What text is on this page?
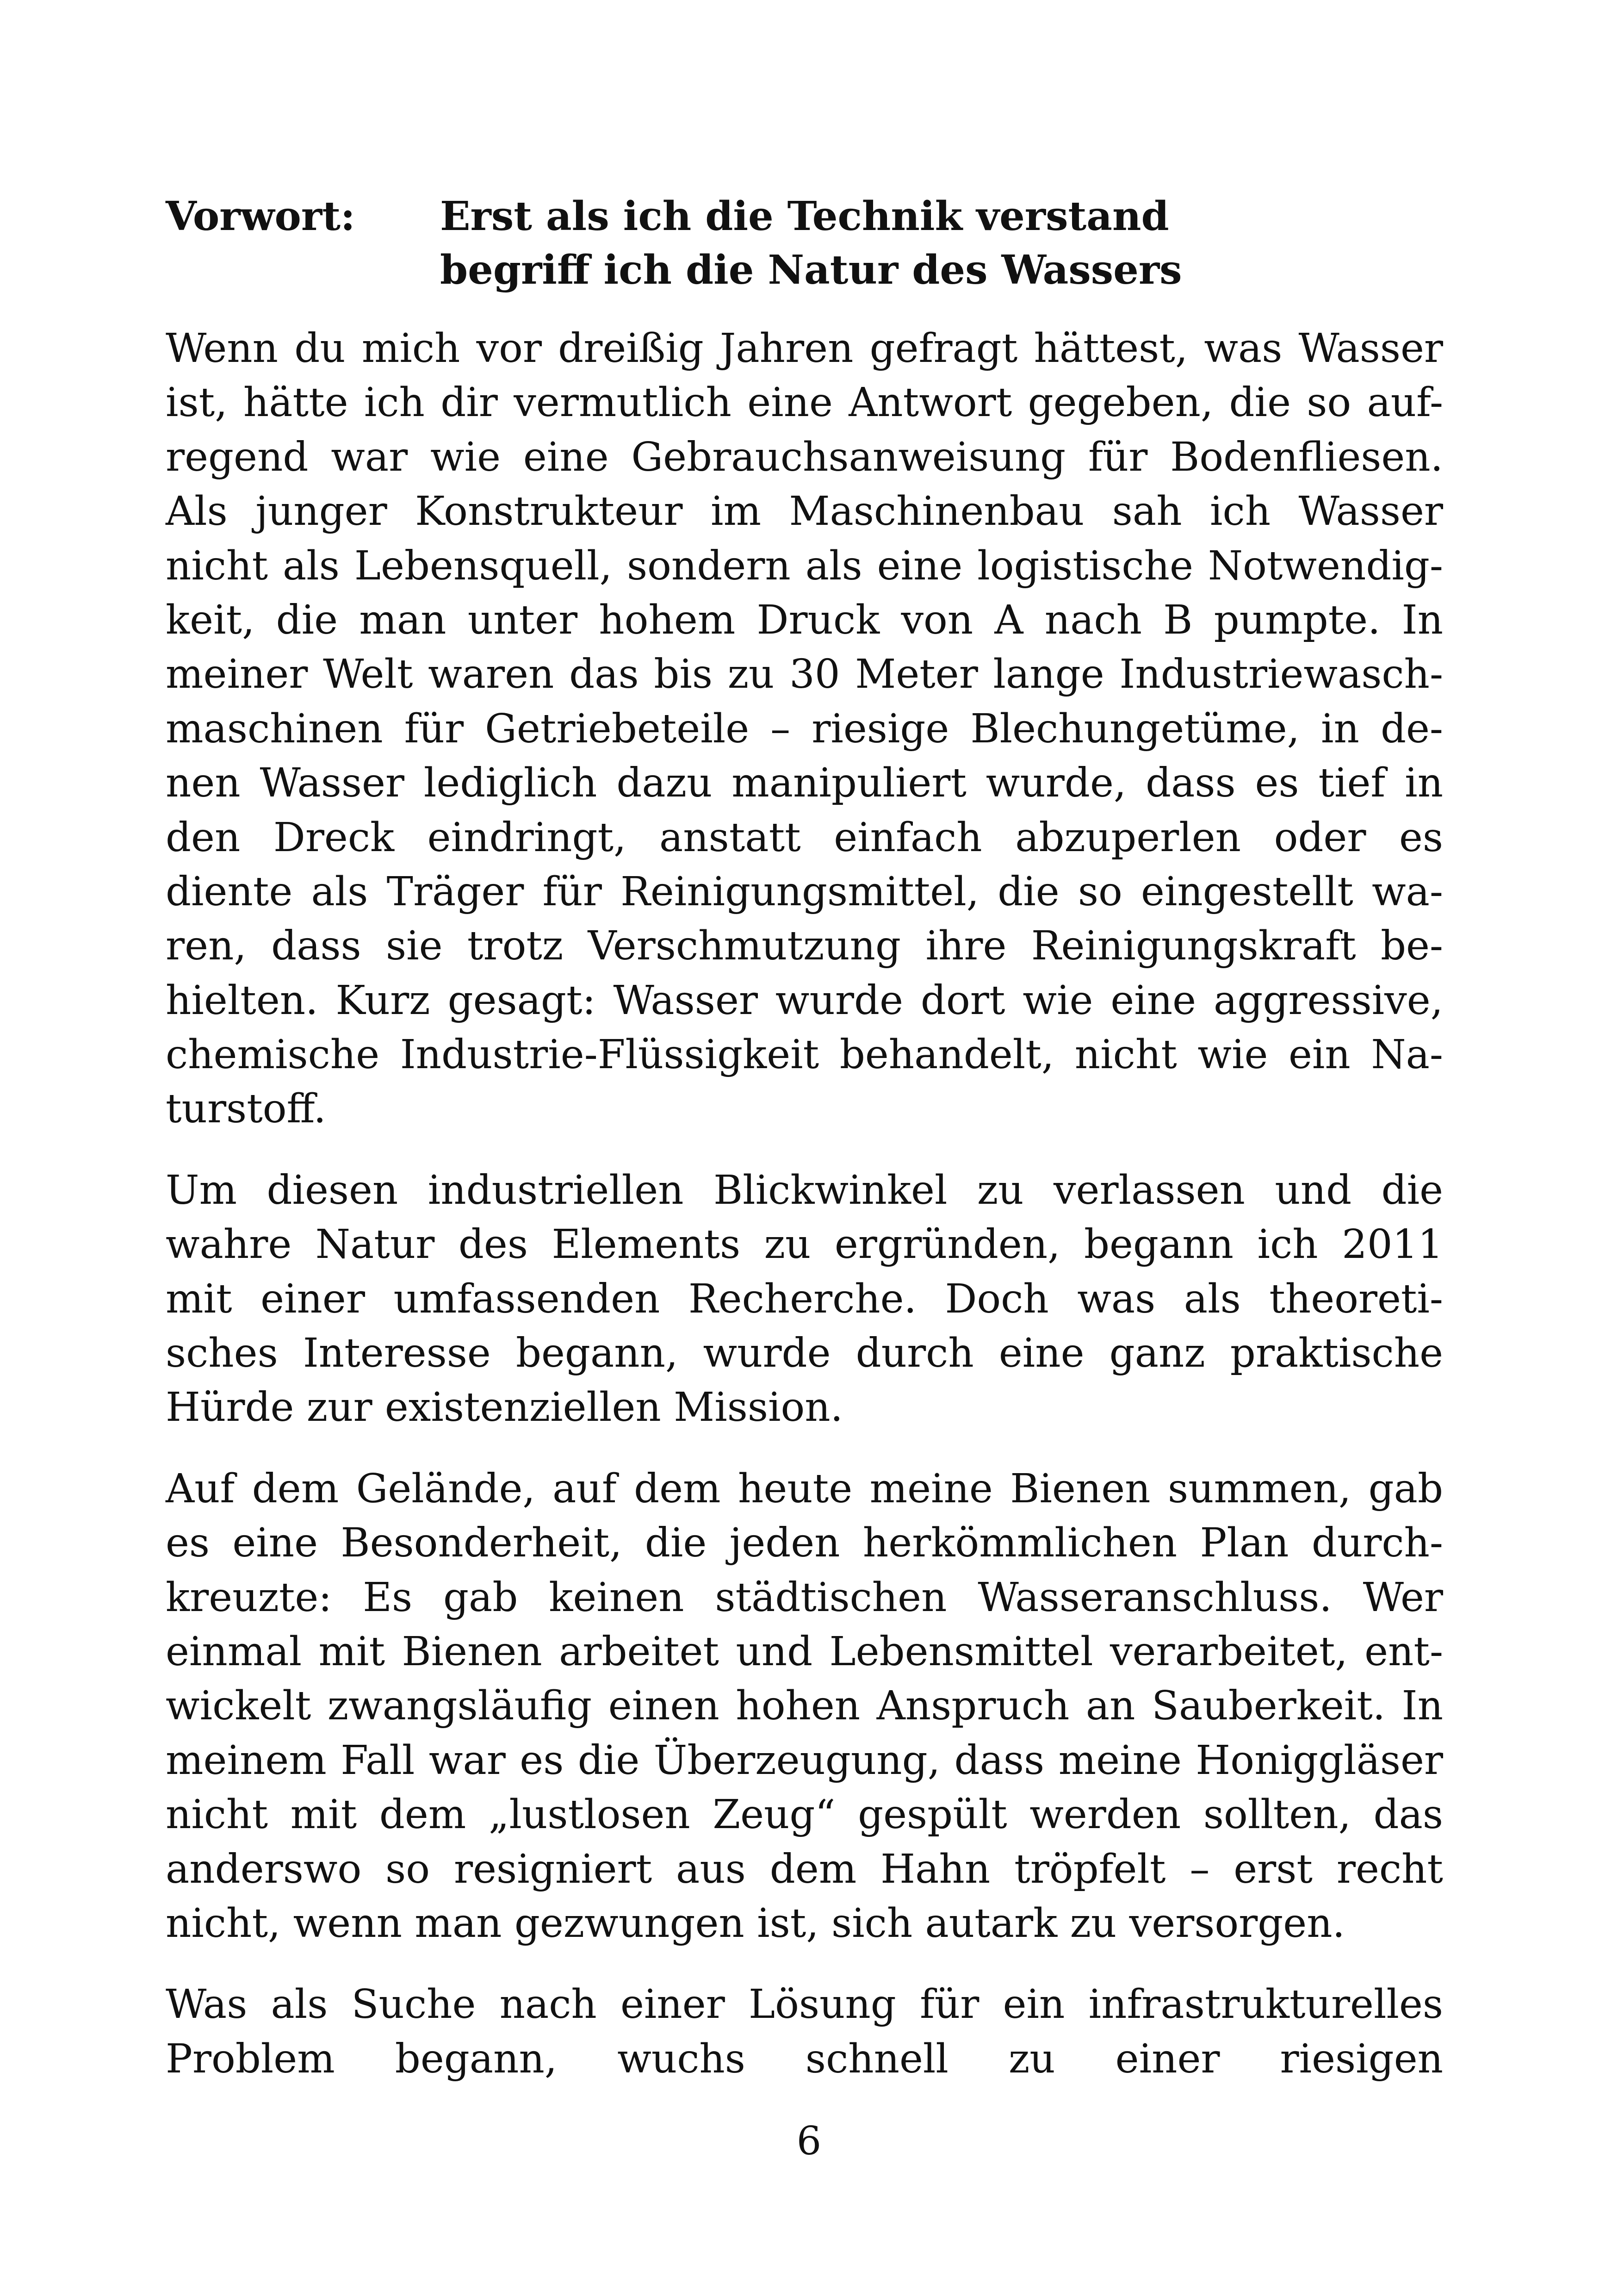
Vorwort:	Erst als ich die Technik verstand
begriff ich die Natur des Wassers
Wenn du mich vor dreißig Jahren gefragt hättest, was Wasser
ist, hätte ich dir vermutlich eine Antwort gegeben, die so auf-
regend war wie eine Gebrauchsanweisung für Bodenfliesen.
Als junger Konstrukteur im Maschinenbau sah ich Wasser
nicht als Lebensquell, sondern als eine logistische Notwendig-
keit, die man unter hohem Druck von A nach B pumpte. In
meiner Welt waren das bis zu 30 Meter lange Industriewasch-
maschinen für Getriebeteile – riesige Blechungetüme, in de-
nen Wasser lediglich dazu manipuliert wurde, dass es tief in
den Dreck eindringt, anstatt einfach abzuperlen oder es
diente als Träger für Reinigungsmittel, die so eingestellt wa-
ren, dass sie trotz Verschmutzung ihre Reinigungskraft be-
hielten. Kurz gesagt: Wasser wurde dort wie eine aggressive,
chemische Industrie-Flüssigkeit behandelt, nicht wie ein Na-
turstoff.
Um diesen industriellen Blickwinkel zu verlassen und die
wahre Natur des Elements zu ergründen, begann ich 2011
mit einer umfassenden Recherche. Doch was als theoreti-
sches Interesse begann, wurde durch eine ganz praktische
Hürde zur existenziellen Mission.
Auf dem Gelände, auf dem heute meine Bienen summen, gab
es eine Besonderheit, die jeden herkömmlichen Plan durch-
kreuzte: Es gab keinen städtischen Wasseranschluss. Wer
einmal mit Bienen arbeitet und Lebensmittel verarbeitet, ent-
wickelt zwangsläufig einen hohen Anspruch an Sauberkeit. In
meinem Fall war es die Überzeugung, dass meine Honiggläser
nicht mit dem „lustlosen Zeug“ gespült werden sollten, das
anderswo so resigniert aus dem Hahn tröpfelt – erst recht
nicht, wenn man gezwungen ist, sich autark zu versorgen.
Was als Suche nach einer Lösung für ein infrastrukturelles
Problem begann, wuchs schnell zu einer riesigen
6
